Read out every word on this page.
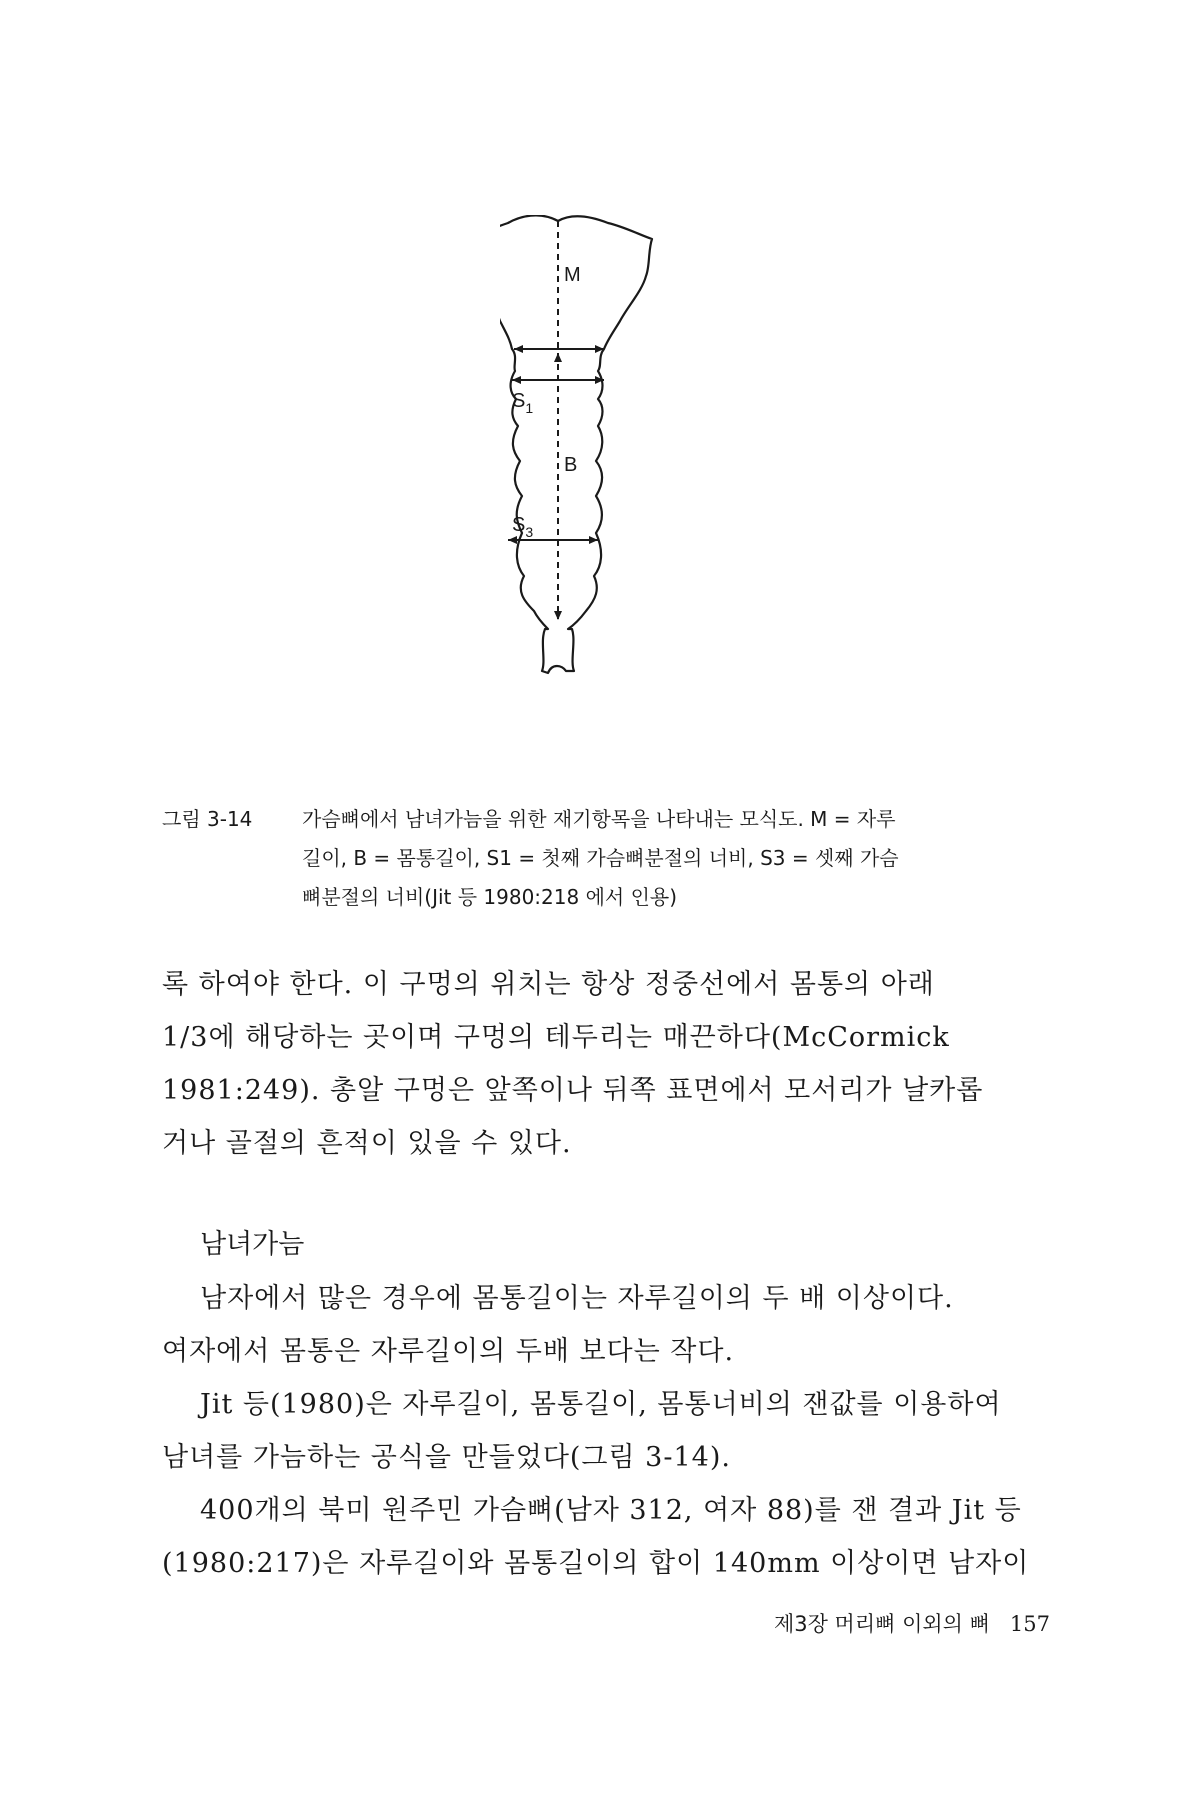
M
$S_1$
B
$S_3$
그림 3-14	가슴뼈에서 남녀가늠을 위한 재기항목을 나타내는 모식도. M = 자루
길이, B = 몸통길이, S1 = 첫째 가슴뼈분절의 너비, S3 = 셋째 가슴
뼈분절의 너비(Jit 등 1980:218 에서 인용)
록 하여야 한다. 이 구멍의 위치는 항상 정중선에서 몸통의 아래
1/3에 해당하는 곳이며 구멍의 테두리는 매끈하다(McCormick
1981:249). 총알 구멍은 앞쪽이나 뒤쪽 표면에서 모서리가 날카롭
거나 골절의 흔적이 있을 수 있다.
남녀가늠
남자에서 많은 경우에 몸통길이는 자루길이의 두 배 이상이다.
여자에서 몸통은 자루길이의 두배 보다는 작다.
Jit 등(1980)은 자루길이, 몸통길이, 몸통너비의 잰값를 이용하여
남녀를 가늠하는 공식을 만들었다(그림 3-14).
400개의 북미 원주민 가슴뼈(남자 312, 여자 88)를 잰 결과 Jit 등
(1980:217)은 자루길이와 몸통길이의 합이 140mm 이상이면 남자이
제3장 머리뼈 이외의 뼈 157
